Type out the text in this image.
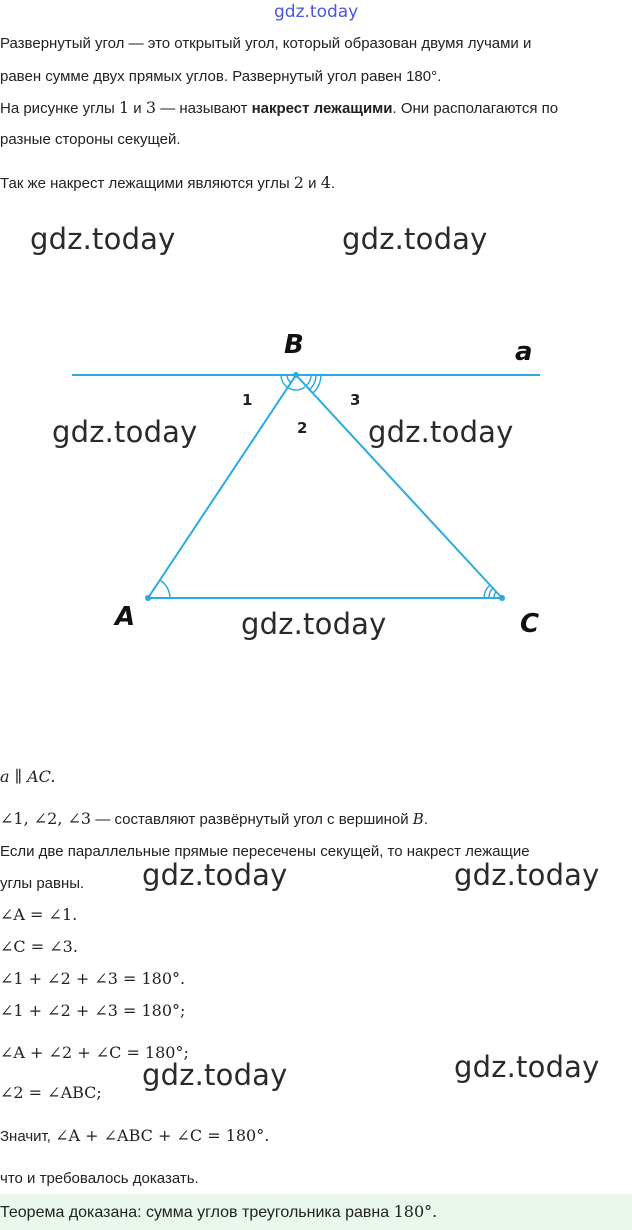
gdz.today
Развернутый угол — это открытый угол, который образован двумя лучами и
равен сумме двух прямых углов. Развернутый угол равен 180°.
На рисунке углы 1 и 3 — называют накрест лежащими. Они располагаются по
разные стороны секущей.
Так же накрест лежащими являются углы 2 и 4.
gdz.today	gdz.today
B	a
A	C
1
2
3
gdz.today	gdz.today
gdz.today
a ∥ AC.
∠1, ∠2, ∠3 — составляют развёрнутый угол с вершиной B.
Если две параллельные прямые пересечены секущей, то накрест лежащие
углы равны. gdz.today	gdz.today
∠A = ∠1.
∠C = ∠3.
∠1 + ∠2 + ∠3 = 180°.
∠1 + ∠2 + ∠3 = 180°;
∠A + ∠2 + ∠C = 180°;
∠2 = ∠ABC;
gdz.today	gdz.today
Значит, ∠A + ∠ABC + ∠C = 180°.
что и требовалось доказать.
Теорема доказана: сумма углов треугольника равна 180°.
